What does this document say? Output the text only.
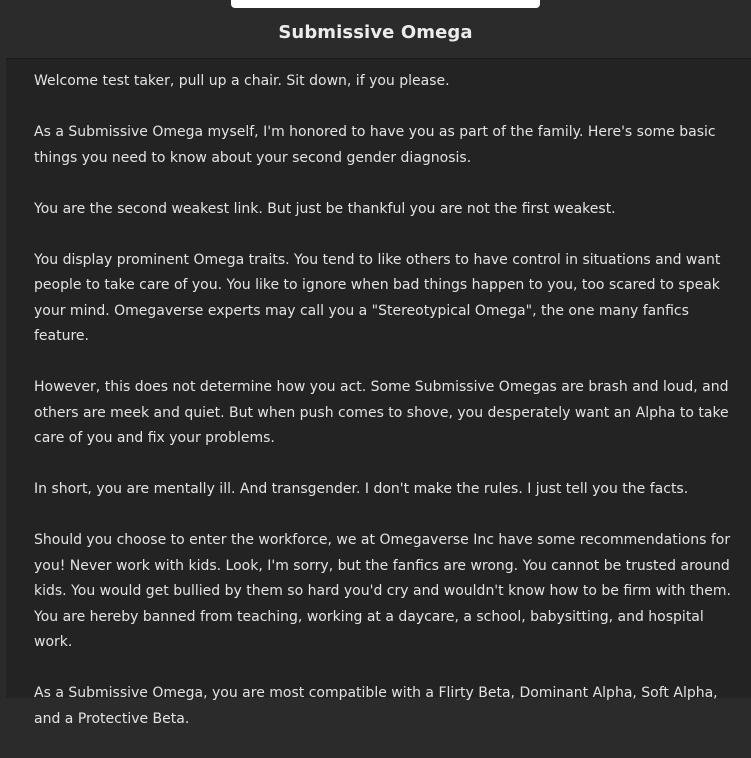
Submissive Omega

Welcome test taker, pull up a chair. Sit down, if you please.

As a Submissive Omega myself, I'm honored to have you as part of the family. Here's some basic things you need to know about your second gender diagnosis.

You are the second weakest link. But just be thankful you are not the first weakest.

You display prominent Omega traits. You tend to like others to have control in situations and want people to take care of you. You like to ignore when bad things happen to you, too scared to speak your mind. Omegaverse experts may call you a "Stereotypical Omega", the one many fanfics feature.

However, this does not determine how you act. Some Submissive Omegas are brash and loud, and others are meek and quiet. But when push comes to shove, you desperately want an Alpha to take care of you and fix your problems.

In short, you are mentally ill. And transgender. I don't make the rules. I just tell you the facts.

Should you choose to enter the workforce, we at Omegaverse Inc have some recommendations for you! Never work with kids. Look, I'm sorry, but the fanfics are wrong. You cannot be trusted around kids. You would get bullied by them so hard you'd cry and wouldn't know how to be firm with them. You are hereby banned from teaching, working at a daycare, a school, babysitting, and hospital work.

As a Submissive Omega, you are most compatible with a Flirty Beta, Dominant Alpha, Soft Alpha, and a Protective Beta.
